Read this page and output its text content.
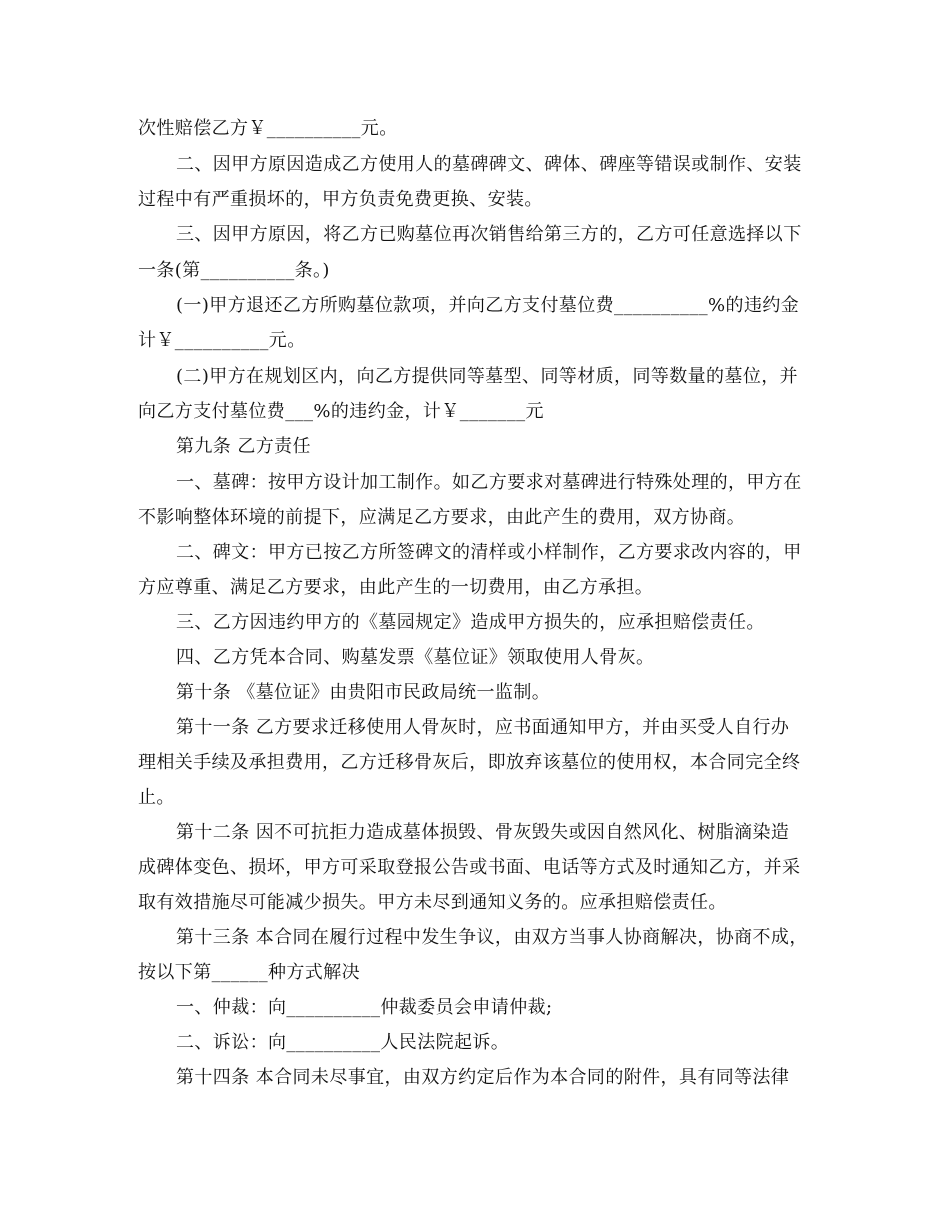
次性赔偿乙方￥__________元。
二、因甲方原因造成乙方使用人的墓碑碑文、碑体、碑座等错误或制作、安装
过程中有严重损坏的，甲方负责免费更换、安装。
三、因甲方原因，将乙方已购墓位再次销售给第三方的，乙方可任意选择以下
一条(第__________条。)
(一)甲方退还乙方所购墓位款项，并向乙方支付墓位费__________%的违约金
计￥__________元。
(二)甲方在规划区内，向乙方提供同等墓型、同等材质，同等数量的墓位，并
向乙方支付墓位费___%的违约金，计￥_______元
第九条 乙方责任
一、墓碑：按甲方设计加工制作。如乙方要求对墓碑进行特殊处理的，甲方在
不影响整体环境的前提下，应满足乙方要求，由此产生的费用，双方协商。
二、碑文：甲方已按乙方所签碑文的清样或小样制作，乙方要求改内容的，甲
方应尊重、满足乙方要求，由此产生的一切费用，由乙方承担。
三、乙方因违约甲方的《墓园规定》造成甲方损失的，应承担赔偿责任。
四、乙方凭本合同、购墓发票《墓位证》领取使用人骨灰。
第十条 《墓位证》由贵阳市民政局统一监制。
第十一条 乙方要求迁移使用人骨灰时，应书面通知甲方，并由买受人自行办
理相关手续及承担费用，乙方迁移骨灰后，即放弃该墓位的使用权，本合同完全终
止。
第十二条 因不可抗拒力造成墓体损毁、骨灰毁失或因自然风化、树脂滴染造
成碑体变色、损坏，甲方可采取登报公告或书面、电话等方式及时通知乙方，并采
取有效措施尽可能减少损失。甲方未尽到通知义务的。应承担赔偿责任。
第十三条 本合同在履行过程中发生争议，由双方当事人协商解决，协商不成，
按以下第______种方式解决
一、仲裁：向__________仲裁委员会申请仲裁;
二、诉讼：向__________人民法院起诉。
第十四条 本合同未尽事宜，由双方约定后作为本合同的附件，具有同等法律
